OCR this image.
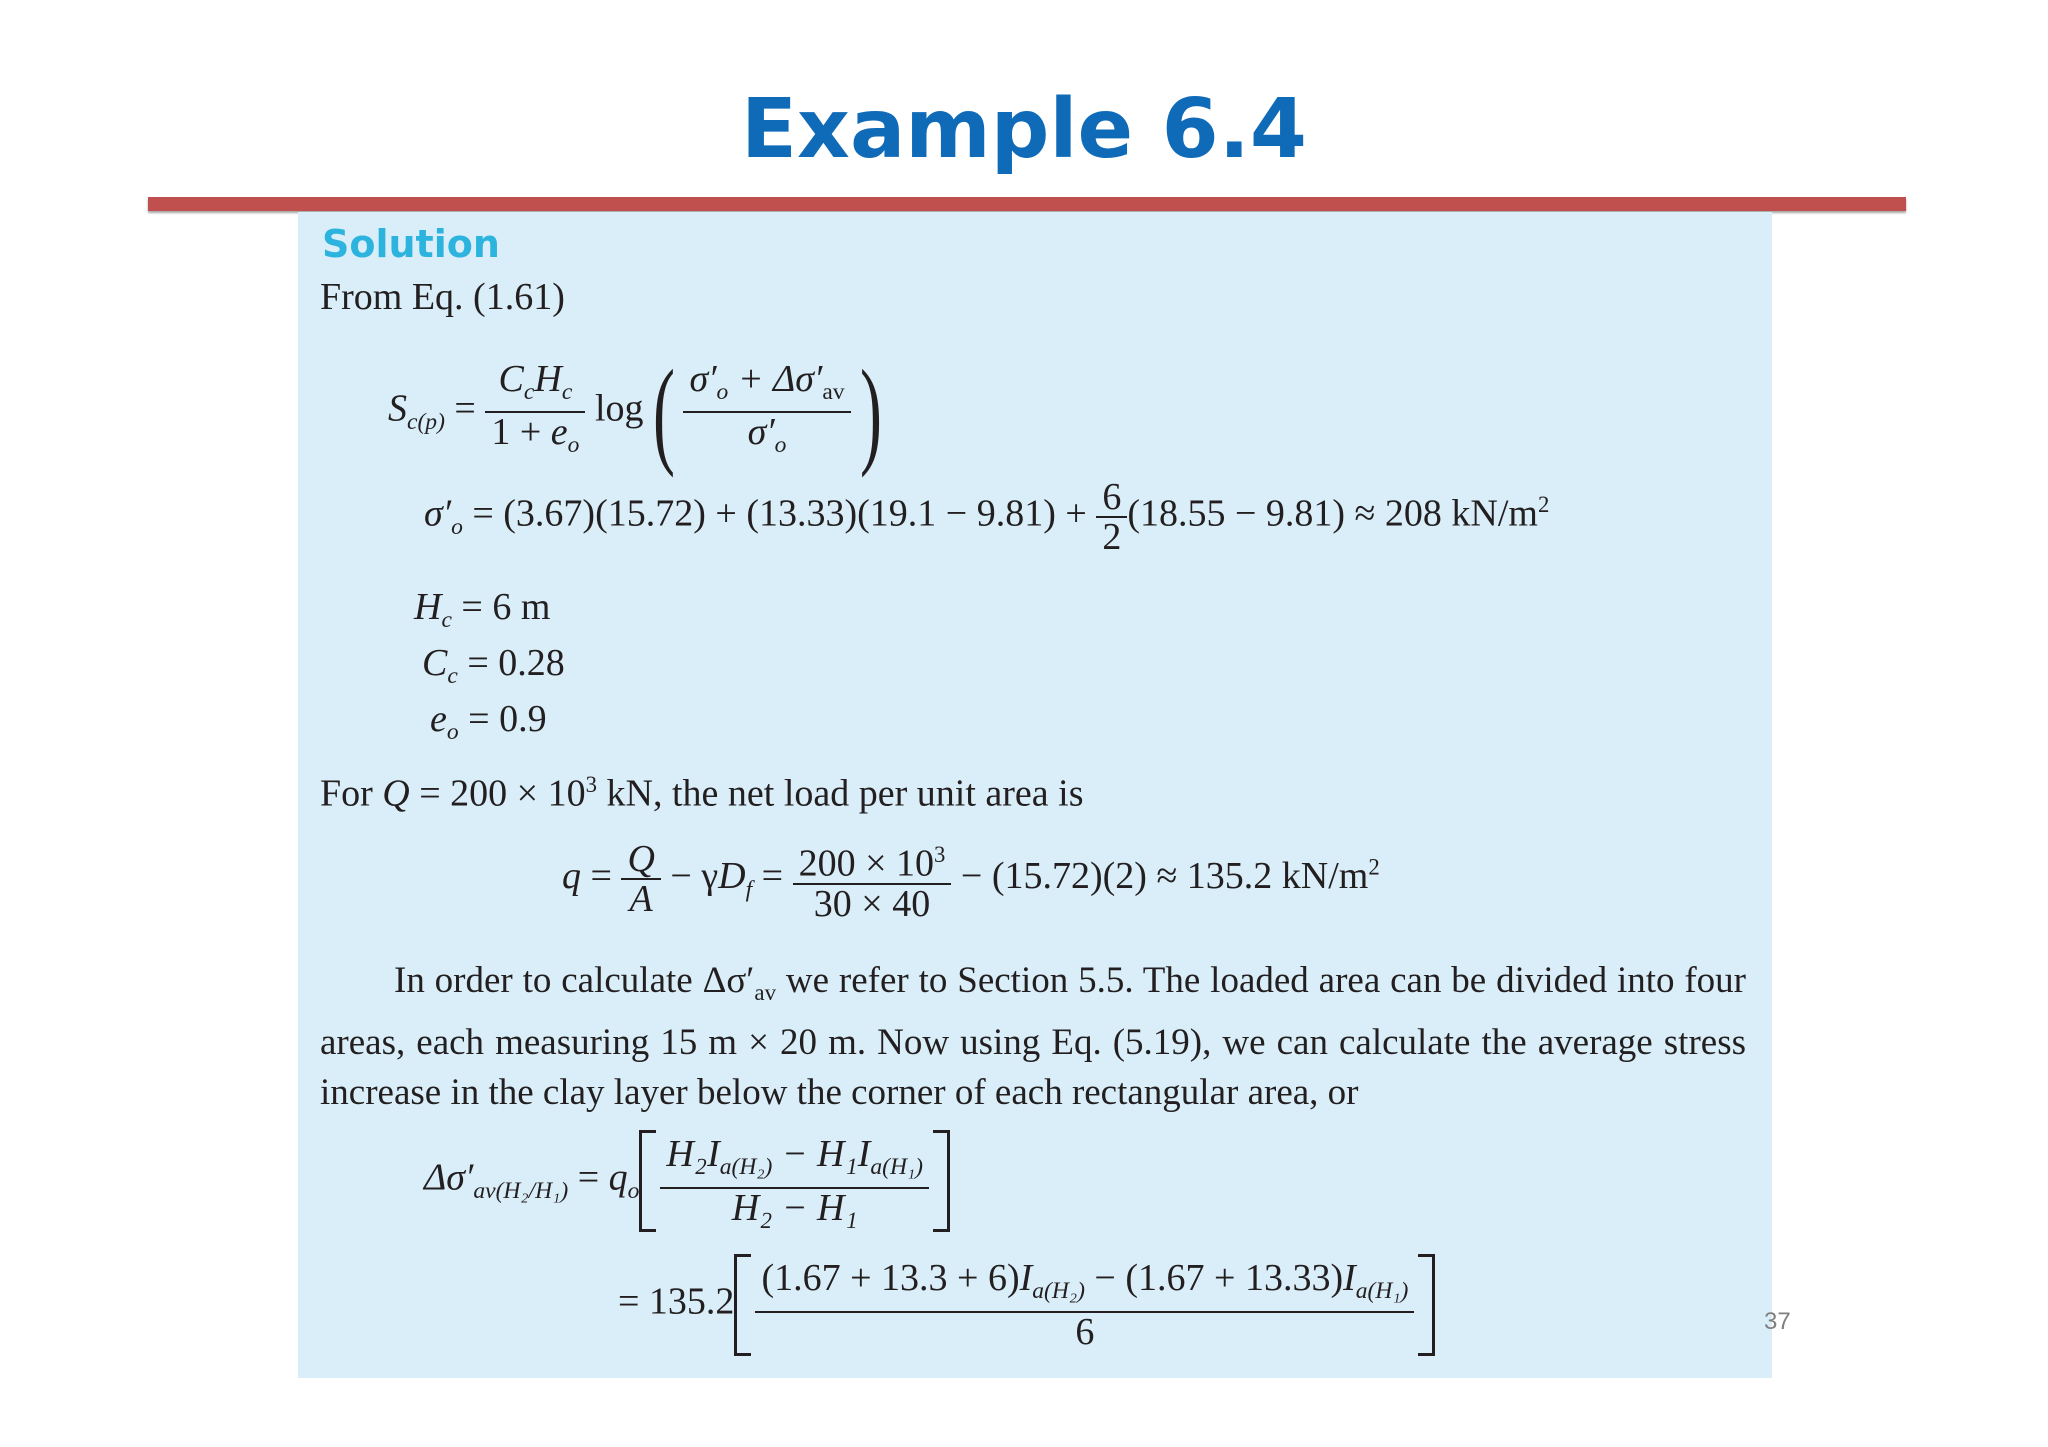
Example 6.4
Solution
From Eq. (1.61)
$S_{c(p)} = \frac{C_cH_c}{1 + e_o} \log( \frac{\sigma'_o + \Delta\sigma'_{av}}{\sigma'_o}$ )
$\sigma'_o = (3.67)(15.72) + (13.33)(19.1 - 9.81) + \frac{6}{2} (18.55 - 9.81) \approx 208$ $kN/m^2$
$H_c = 6$ m
$C_c = 0.28$
$e_o = 0.9$
For $Q = 200 \times 10^3$ kN, the net load per unit area is
$q = \frac{Q}{A} - \gamma D_f = \frac{200 \times 10^3}{30 \times 40} - (15.72)(2) \approx 135.2$ $kN/m^2$
In order to calculate $\Delta\sigma'_{av}$ we refer to Section 5.5. The loaded area can be divided into four areas, each measuring 15 m × 20 m. Now using Eq. (5.19), we can calculate the average stress increase in the clay layer below the corner of each rectangular area, or
$\Delta\sigma'_{av(H_2/H_1)} = q_o \frac{H_2I_{a(H_2)} - H_1I_{a(H_1)}}{\text{H₂ − H₁}}$
= $135.2 \frac{(1.67 + 13.3 + 6)I_{a(H_2)} - (1.67 + 13.33)I_{a(H_1)}}{6}$	37
